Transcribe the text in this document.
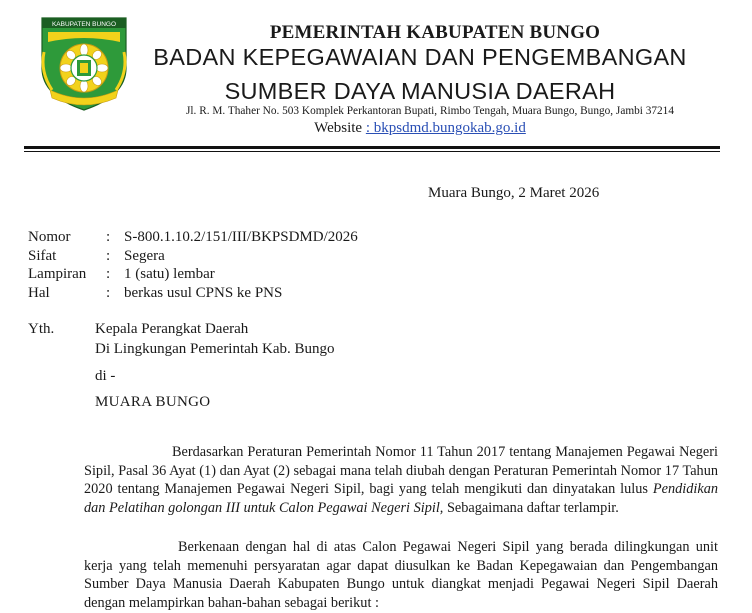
KABUPATEN BUNGO	PEMERINTAH KABUPATEN BUNGO
BADAN KEPEGAWAIAN DAN PENGEMBANGAN
SUMBER DAYA MANUSIA DAERAH
Jl. R. M. Thaher No. 503 Komplek Perkantoran Bupati, Rimbo Tengah, Muara Bungo, Bungo, Jambi 37214
Website : bkpsdmd.bungokab.go.id
Muara Bungo, 2 Maret 2026
Nomor	: S-800.1.10.2/151/III/BKPSDMD/2026
Sifat	: Segera
Lampiran	: 1 (satu) lembar
Hal	: berkas usul CPNS ke PNS
Yth.	Kepala Perangkat Daerah
Di Lingkungan Pemerintah Kab. Bungo
di -
MUARA BUNGO
Berdasarkan Peraturan Pemerintah Nomor 11 Tahun 2017 tentang Manajemen Pegawai Negeri Sipil, Pasal 36 Ayat (1) dan Ayat (2) sebagai mana telah diubah dengan Peraturan Pemerintah Nomor 17 Tahun 2020 tentang Manajemen Pegawai Negeri Sipil, bagi yang telah mengikuti dan dinyatakan lulus Pendidikan dan Pelatihan golongan III untuk Calon Pegawai Negeri Sipil, Sebagaimana daftar terlampir.
Berkenaan dengan hal di atas Calon Pegawai Negeri Sipil yang berada dilingkungan unit kerja yang telah memenuhi persyaratan agar dapat diusulkan ke Badan Kepegawaian dan Pengembangan Sumber Daya Manusia Daerah Kabupaten Bungo untuk diangkat menjadi Pegawai Negeri Sipil Daerah dengan melampirkan bahan-bahan sebagai berikut :
